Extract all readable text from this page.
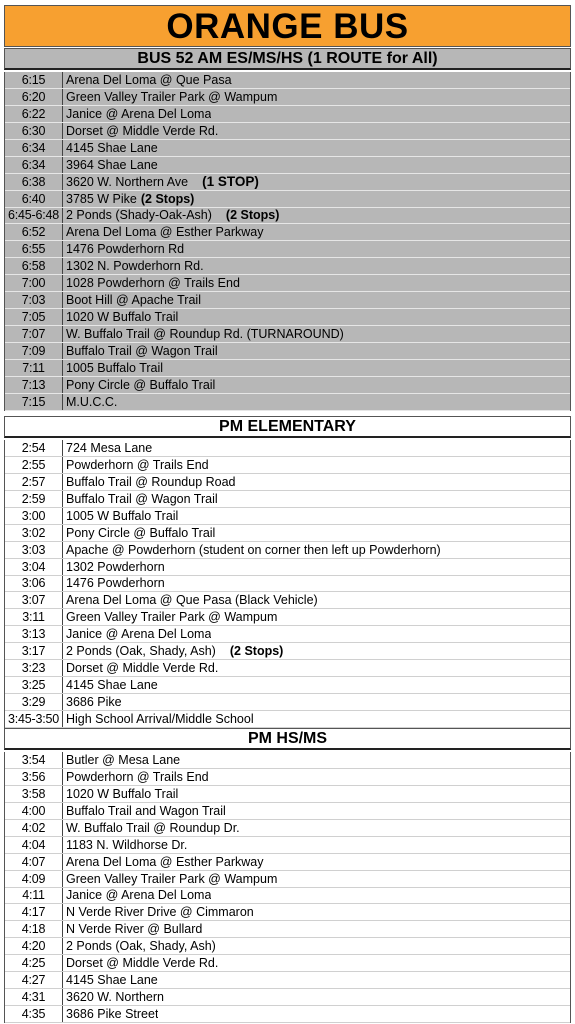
ORANGE BUS
BUS 52 AM ES/MS/HS (1 ROUTE for All)
6:15	Arena Del Loma @ Que Pasa
6:20	Green Valley Trailer Park @ Wampum
6:22	Janice @ Arena Del Loma
6:30	Dorset @ Middle Verde Rd.
6:34	4145 Shae Lane
6:34	3964 Shae Lane
6:38	3620 W. Northern Ave (1 STOP)
6:40	3785 W Pike (2 Stops)
6:45-6:48 2 Ponds (Shady-Oak-Ash) (2 Stops)
6:52	Arena Del Loma @ Esther Parkway
6:55	1476 Powderhorn Rd
6:58	1302 N. Powderhorn Rd.
7:00	1028 Powderhorn @ Trails End
7:03	Boot Hill @ Apache Trail
7:05	1020 W Buffalo Trail
7:07	W. Buffalo Trail @ Roundup Rd. (TURNAROUND)
7:09	Buffalo Trail @ Wagon Trail
7:11	1005 Buffalo Trail
7:13	Pony Circle @ Buffalo Trail
7:15	M.U.C.C.
PM ELEMENTARY
2:54	724 Mesa Lane
2:55	Powderhorn @ Trails End
2:57	Buffalo Trail @ Roundup Road
2:59	Buffalo Trail @ Wagon Trail
3:00	1005 W Buffalo Trail
3:02	Pony Circle @ Buffalo Trail
3:03	Apache @ Powderhorn (student on corner then left up Powderhorn)
3:04	1302 Powderhorn
3:06	1476 Powderhorn
3:07	Arena Del Loma @ Que Pasa (Black Vehicle)
3:11	Green Valley Trailer Park @ Wampum
3:13	Janice @ Arena Del Loma
3:17	2 Ponds (Oak, Shady, Ash) (2 Stops)
3:23	Dorset @ Middle Verde Rd.
3:25	4145 Shae Lane
3:29	3686 Pike
3:45-3:50 High School Arrival/Middle School
PM HS/MS
3:54	Butler @ Mesa Lane
3:56	Powderhorn @ Trails End
3:58	1020 W Buffalo Trail
4:00	Buffalo Trail and Wagon Trail
4:02	W. Buffalo Trail @ Roundup Dr.
4:04	1183 N. Wildhorse Dr.
4:07	Arena Del Loma @ Esther Parkway
4:09	Green Valley Trailer Park @ Wampum
4:11	Janice @ Arena Del Loma
4:17	N Verde River Drive @ Cimmaron
4:18	N Verde River @ Bullard
4:20	2 Ponds (Oak, Shady, Ash)
4:25	Dorset @ Middle Verde Rd.
4:27	4145 Shae Lane
4:31	3620 W. Northern
4:35	3686 Pike Street
